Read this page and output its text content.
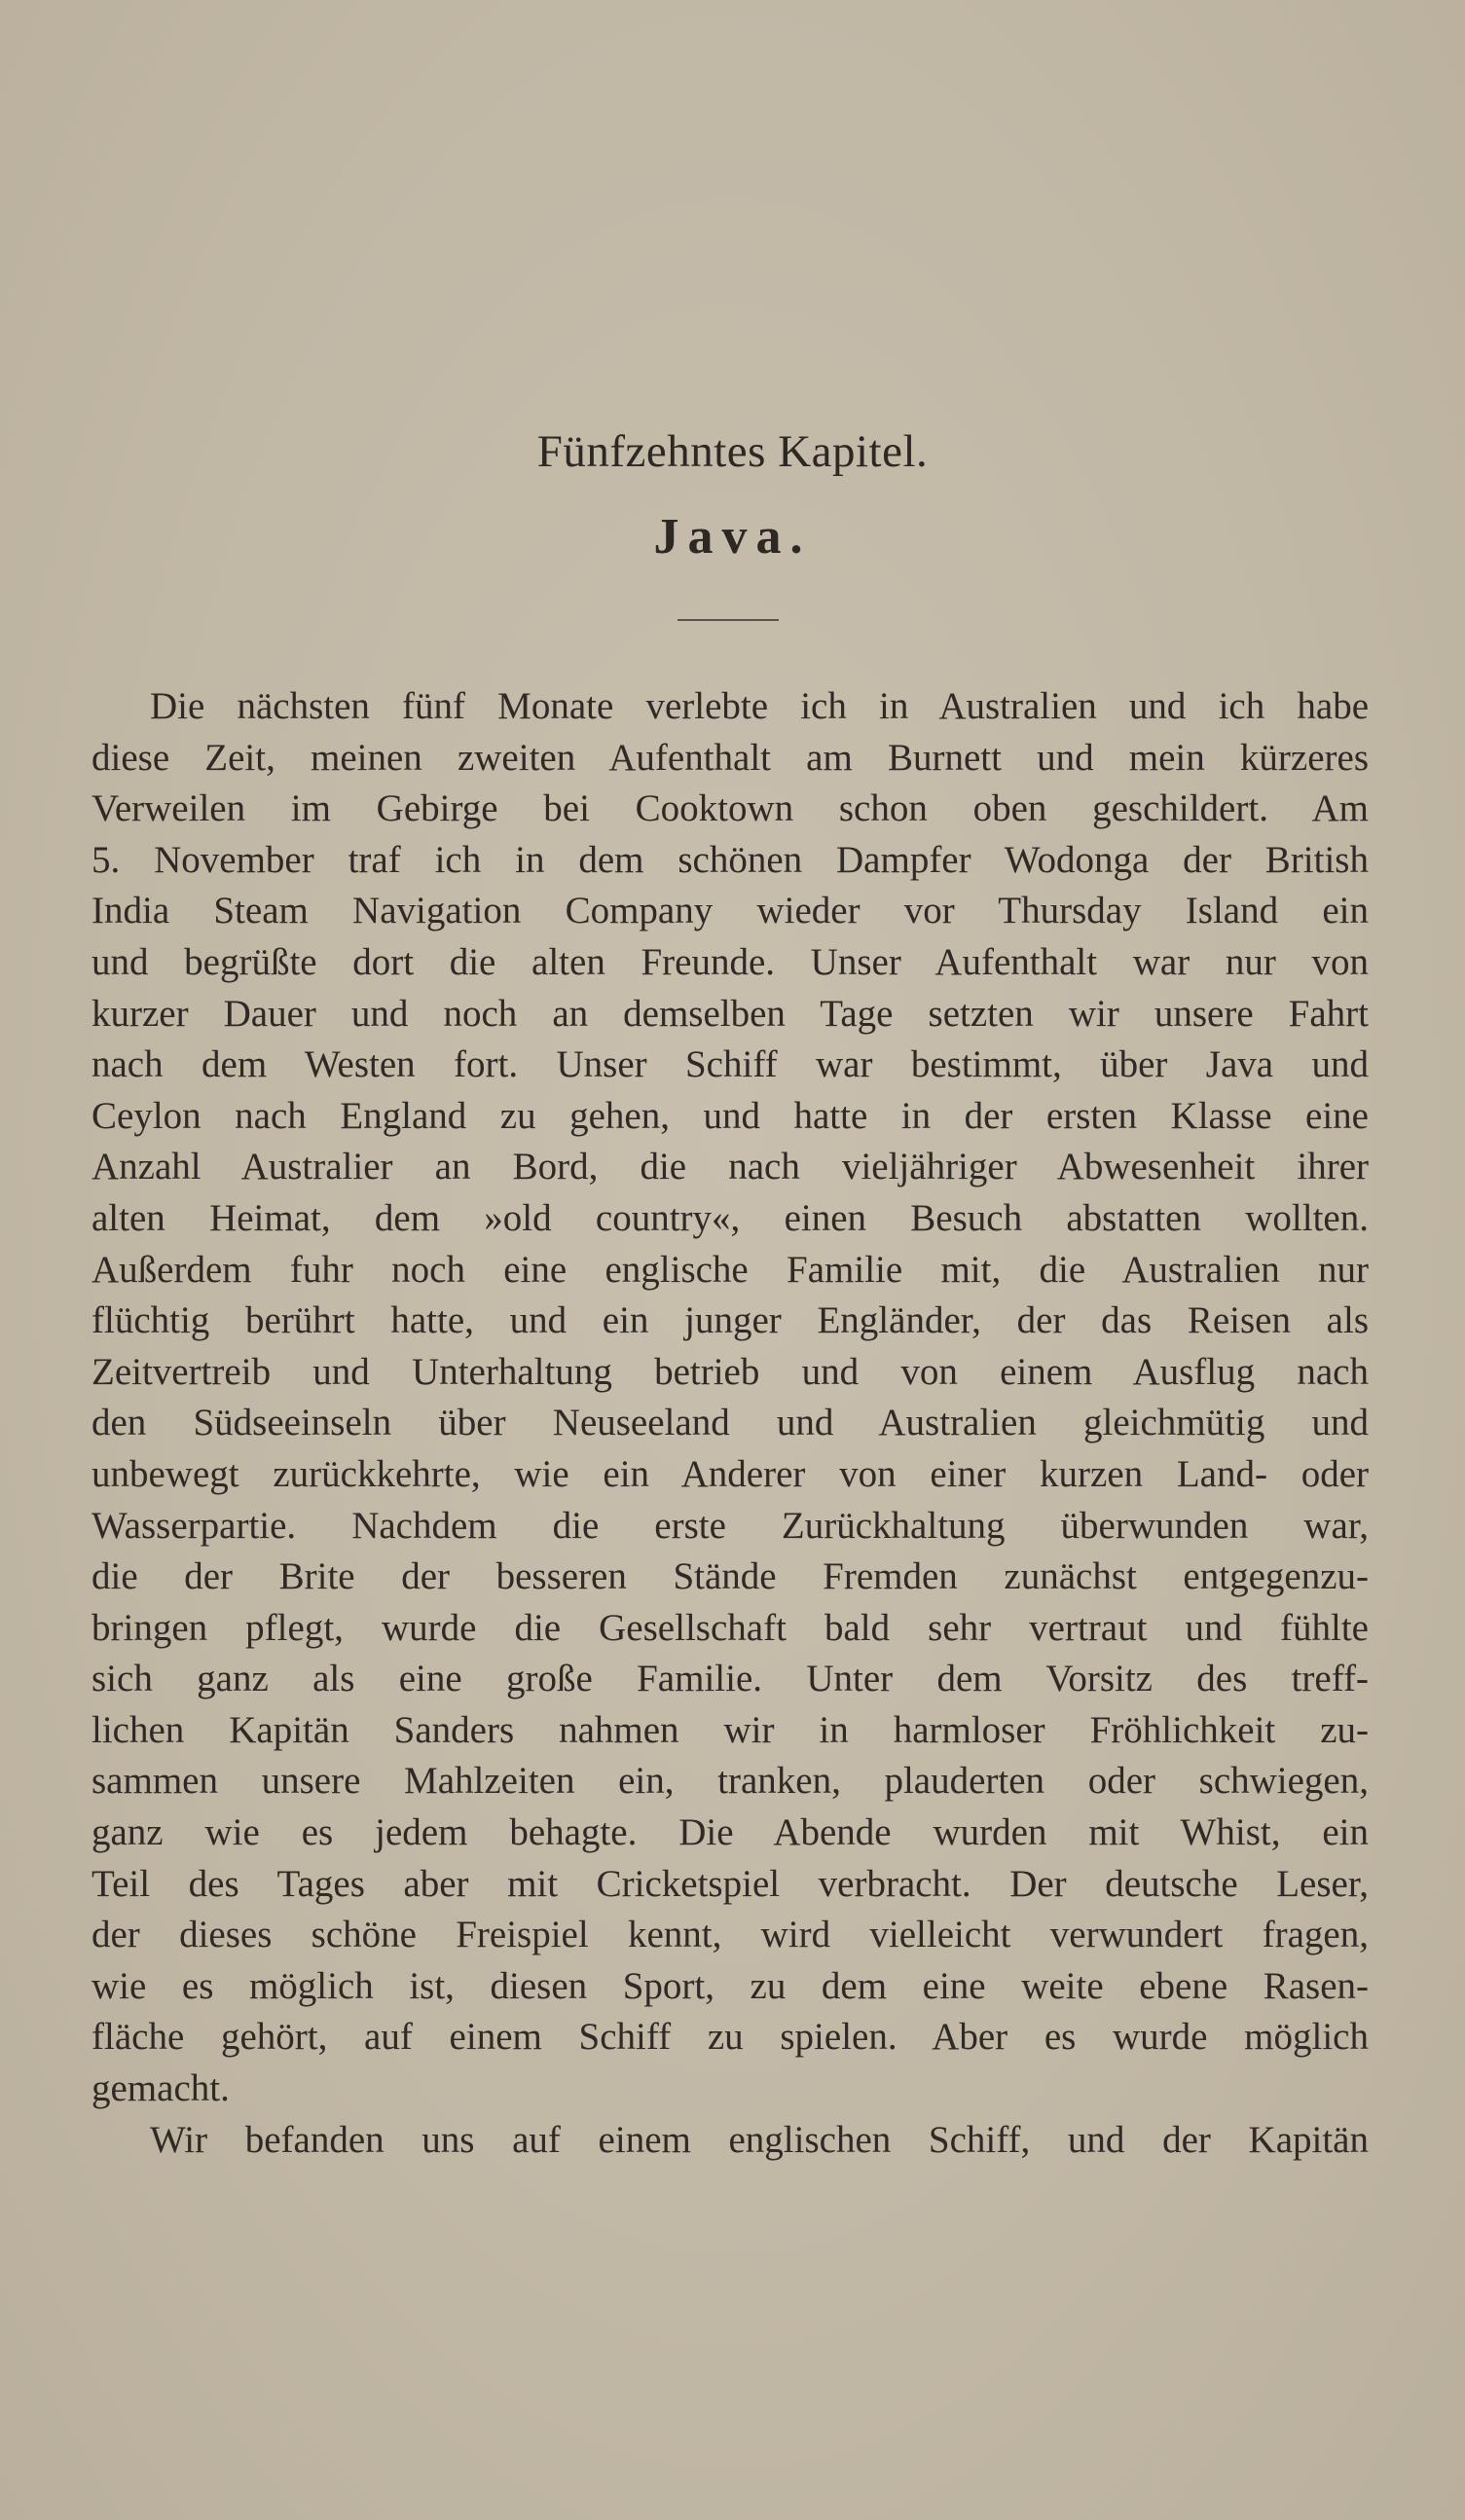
Fünfzehntes Kapitel.
Java.
Die nächsten fünf Monate verlebte ich in Australien und ich habe
diese Zeit, meinen zweiten Aufenthalt am Burnett und mein kürzeres
Verweilen im Gebirge bei Cooktown schon oben geschildert. Am
5. November traf ich in dem schönen Dampfer Wodonga der British
India Steam Navigation Company wieder vor Thursday Island ein
und begrüßte dort die alten Freunde. Unser Aufenthalt war nur von
kurzer Dauer und noch an demselben Tage setzten wir unsere Fahrt
nach dem Westen fort. Unser Schiff war bestimmt, über Java und
Ceylon nach England zu gehen, und hatte in der ersten Klasse eine
Anzahl Australier an Bord, die nach vieljähriger Abwesenheit ihrer
alten Heimat, dem »old country«, einen Besuch abstatten wollten.
Außerdem fuhr noch eine englische Familie mit, die Australien nur
flüchtig berührt hatte, und ein junger Engländer, der das Reisen als
Zeitvertreib und Unterhaltung betrieb und von einem Ausflug nach
den Südseeinseln über Neuseeland und Australien gleichmütig und
unbewegt zurückkehrte, wie ein Anderer von einer kurzen Land- oder
Wasserpartie. Nachdem die erste Zurückhaltung überwunden war,
die der Brite der besseren Stände Fremden zunächst entgegenzu-
bringen pflegt, wurde die Gesellschaft bald sehr vertraut und fühlte
sich ganz als eine große Familie. Unter dem Vorsitz des treff-
lichen Kapitän Sanders nahmen wir in harmloser Fröhlichkeit zu-
sammen unsere Mahlzeiten ein, tranken, plauderten oder schwiegen,
ganz wie es jedem behagte. Die Abende wurden mit Whist, ein
Teil des Tages aber mit Cricketspiel verbracht. Der deutsche Leser,
der dieses schöne Freispiel kennt, wird vielleicht verwundert fragen,
wie es möglich ist, diesen Sport, zu dem eine weite ebene Rasen-
fläche gehört, auf einem Schiff zu spielen. Aber es wurde möglich
gemacht.
Wir befanden uns auf einem englischen Schiff, und der Kapitän
